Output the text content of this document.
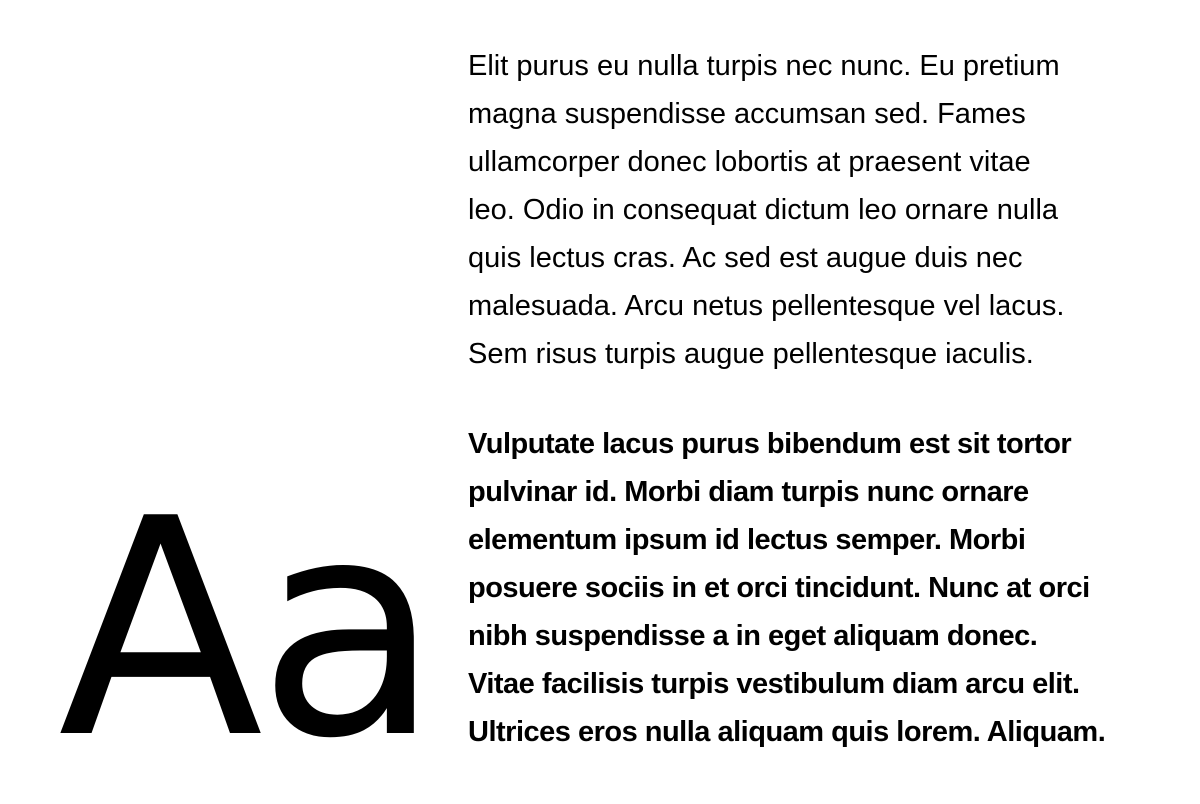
Aa

Elit purus eu nulla turpis nec nunc. Eu pretium
magna suspendisse accumsan sed. Fames
ullamcorper donec lobortis at praesent vitae
leo. Odio in consequat dictum leo ornare nulla
quis lectus cras. Ac sed est augue duis nec
malesuada. Arcu netus pellentesque vel lacus.
Sem risus turpis augue pellentesque iaculis.

Vulputate lacus purus bibendum est sit tortor
pulvinar id. Morbi diam turpis nunc ornare
elementum ipsum id lectus semper. Morbi
posuere sociis in et orci tincidunt. Nunc at orci
nibh suspendisse a in eget aliquam donec.
Vitae facilisis turpis vestibulum diam arcu elit.
Ultrices eros nulla aliquam quis lorem. Aliquam.
